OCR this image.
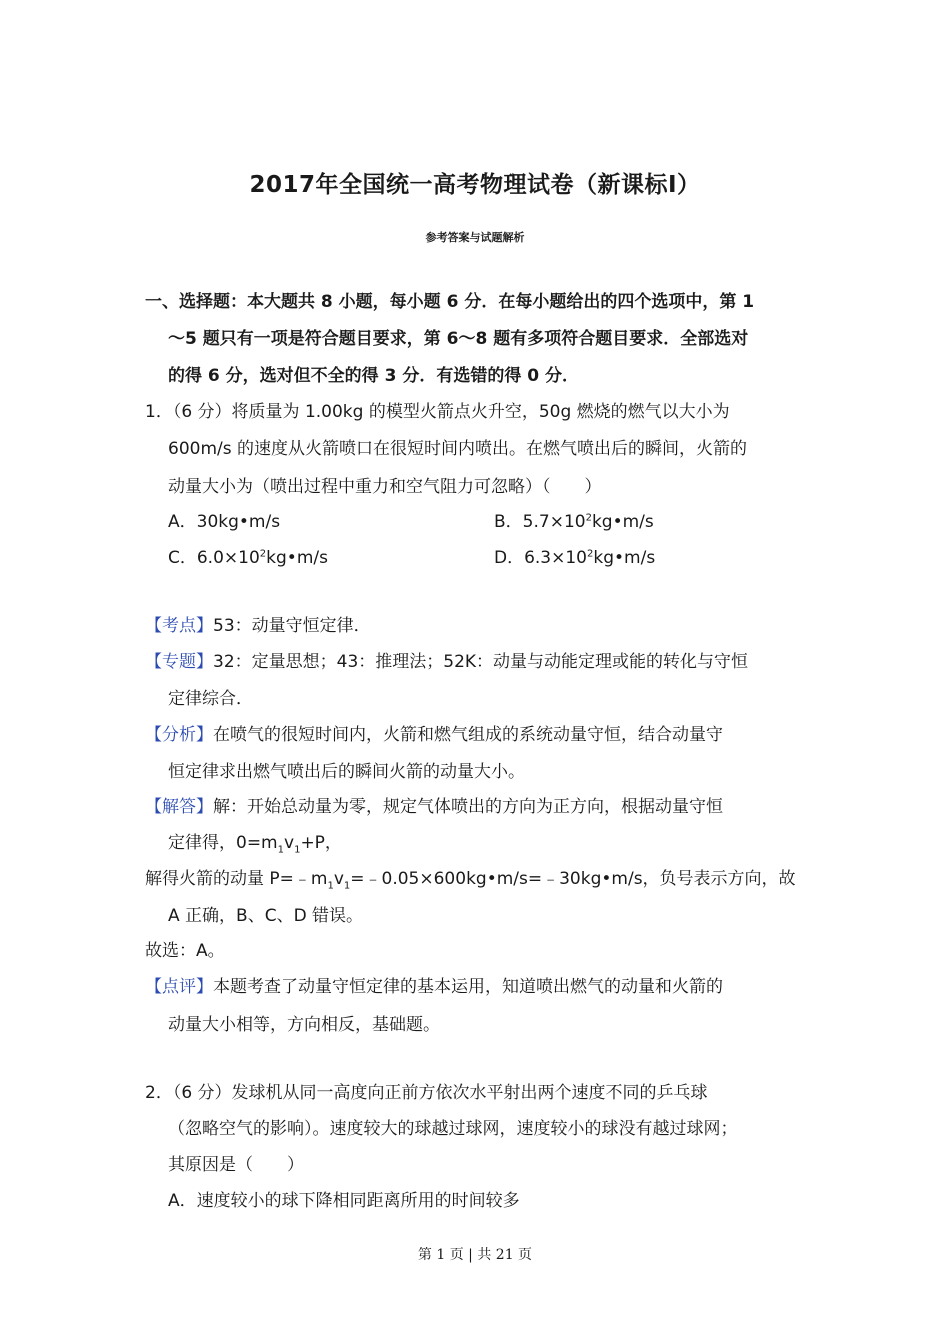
2017年全国统一高考物理试卷（新课标Ⅰ）
参考答案与试题解析
一、选择题：本大题共 8 小题，每小题 6 分．在每小题给出的四个选项中，第 1
～5 题只有一项是符合题目要求，第 6～8 题有多项符合题目要求．全部选对
的得 6 分，选对但不全的得 3 分．有选错的得 0 分．
1．（6 分）将质量为 1.00kg 的模型火箭点火升空，50g 燃烧的燃气以大小为
600m/s 的速度从火箭喷口在很短时间内喷出。在燃气喷出后的瞬间，火箭的
动量大小为（喷出过程中重力和空气阻力可忽略）（　　）
A．30kg•m/s	B．$5.7\times 10^2kg•m/s$
C．$6.0\times 10^2kg•m/s$	D．$6.3\times 10^2kg•m/s$
【考点】53：动量守恒定律．
【专题】32：定量思想；43：推理法；52K：动量与动能定理或能的转化与守恒
定律综合．
【分析】在喷气的很短时间内，火箭和燃气组成的系统动量守恒，结合动量守
恒定律求出燃气喷出后的瞬间火箭的动量大小。
【解答】解：开始总动量为零，规定气体喷出的方向为正方向，根据动量守恒
定律得，$0=m_1v_1+P$，
解得火箭的动量 $P=﹣m_1v_1=﹣0.05\times 600kg•m/s=﹣30kg•m/s$，负号表示方向，故
A 正确，B、C、D 错误。
故选：A。
【点评】本题考查了动量守恒定律的基本运用，知道喷出燃气的动量和火箭的
动量大小相等，方向相反，基础题。
2．（6 分）发球机从同一高度向正前方依次水平射出两个速度不同的乒乓球
（忽略空气的影响）。速度较大的球越过球网，速度较小的球没有越过球网；
其原因是（　　）
A．速度较小的球下降相同距离所用的时间较多
第 1 页 | 共 21 页
